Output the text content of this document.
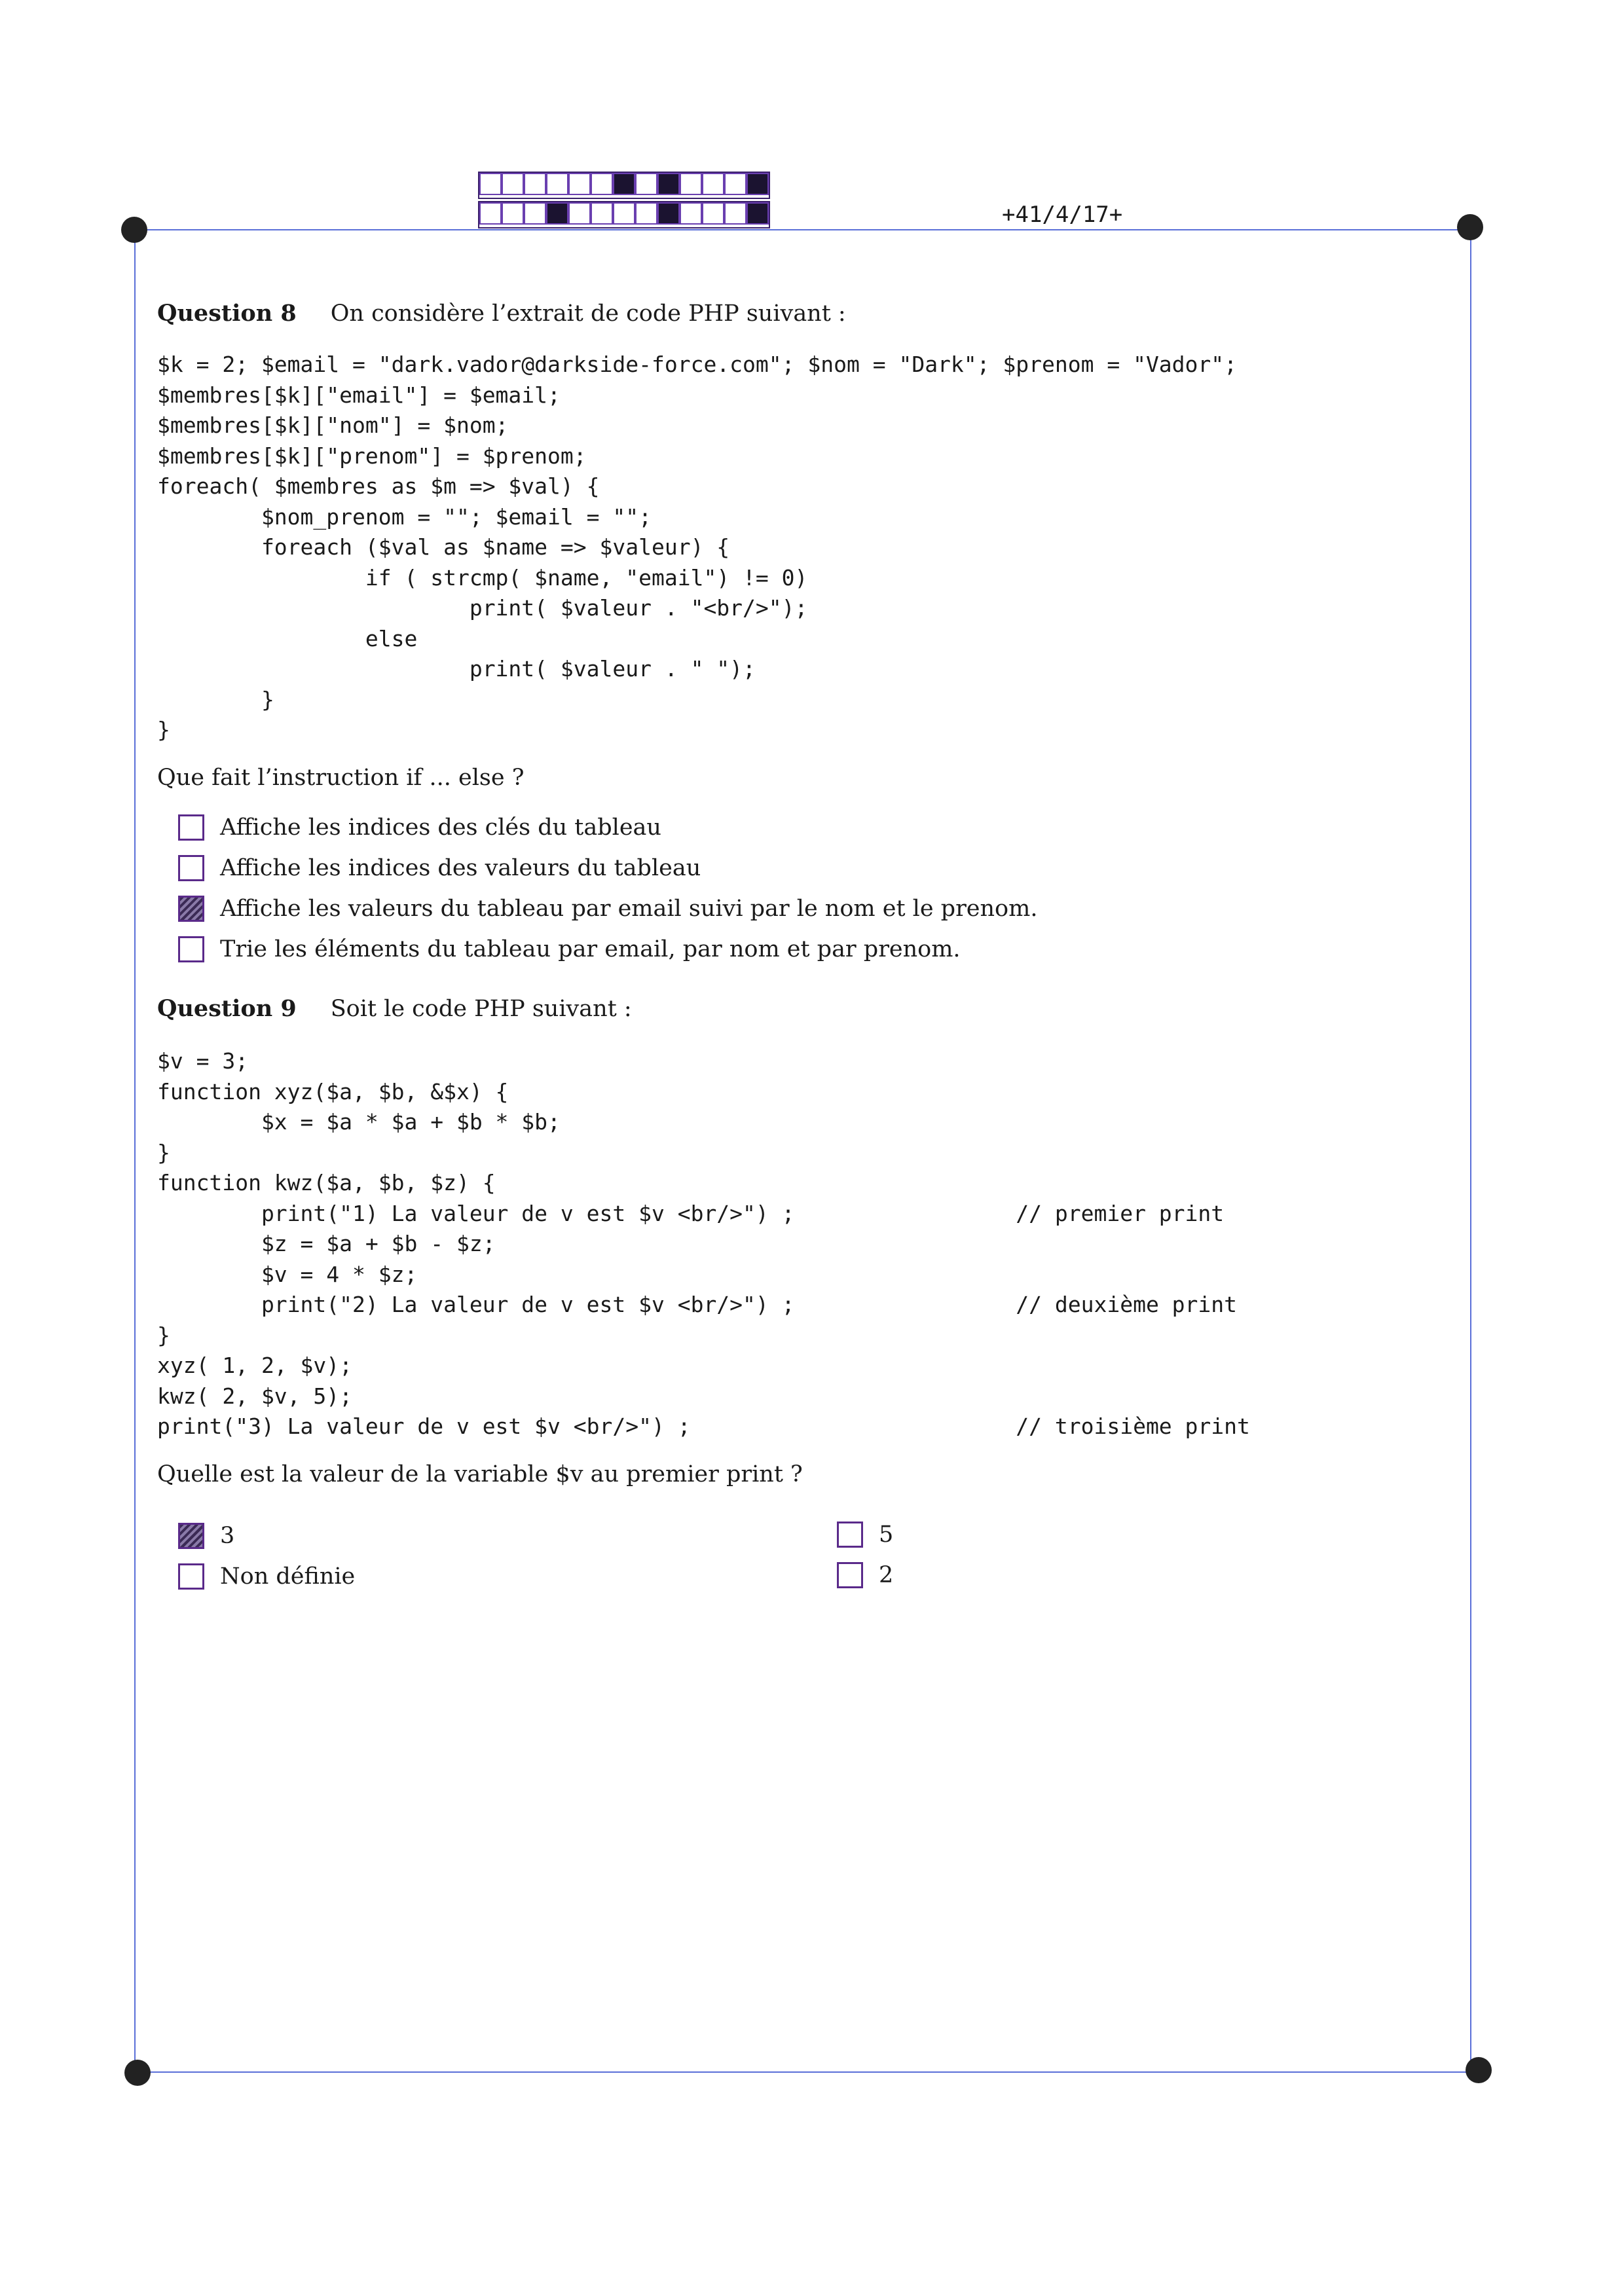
+41/4/17+
Question 8 On considère l’extrait de code PHP suivant :
$k = 2; $email = "dark.vador@darkside-force.com"; $nom = "Dark"; $prenom = "Vador";
$membres[$k]["email"] = $email;
$membres[$k]["nom"] = $nom;
$membres[$k]["prenom"] = $prenom;
foreach( $membres as $m => $val) {
$nom_prenom = ""; $email = "";
foreach ($val as $name => $valeur) {
if ( strcmp( $name, "email") != 0)
print( $valeur . "<br/>");
else
print( $valeur . " ");
}
}
Que fait l’instruction if ... else ?
Affiche les indices des clés du tableau
Affiche les indices des valeurs du tableau
Affiche les valeurs du tableau par email suivi par le nom et le prenom.
Trie les éléments du tableau par email, par nom et par prenom.
Question 9 Soit le code PHP suivant :
$v = 3;
function xyz($a, $b, &$x) {
$x = $a * $a + $b * $b;
}
function kwz($a, $b, $z) {
print("1) La valeur de v est $v <br/>") ;                 // premier print
$z = $a + $b - $z;
$v = 4 * $z;
print("2) La valeur de v est $v <br/>") ;                 // deuxième print
}
xyz( 1, 2, $v);
kwz( 2, $v, 5);
print("3) La valeur de v est $v <br/>") ;                         // troisième print
Quelle est la valeur de la variable $v au premier print ?
3	5
Non définie	2
